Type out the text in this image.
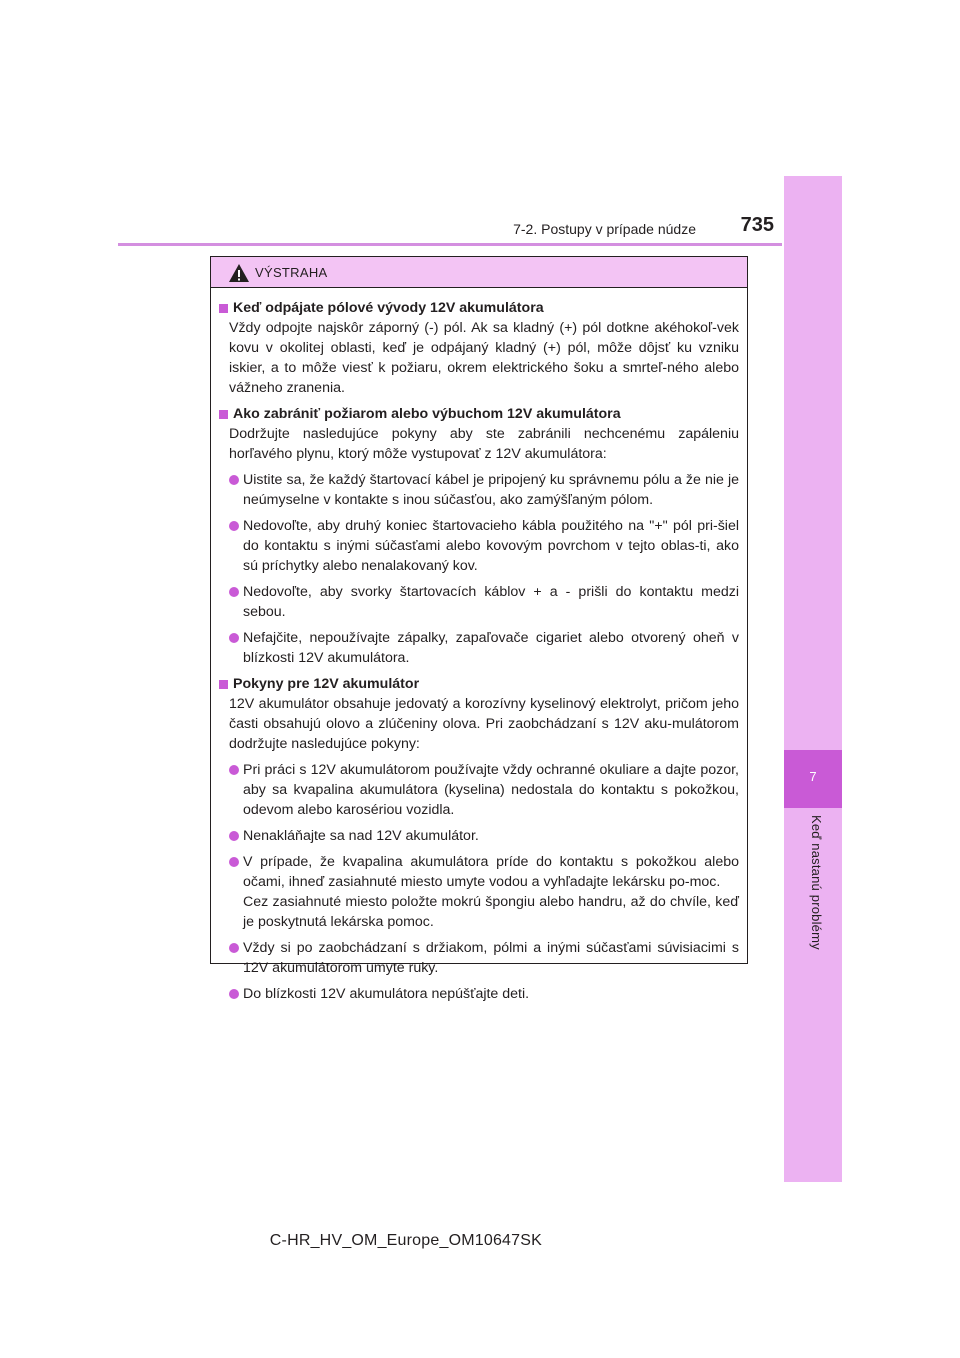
7
Keď nastanú problémy
7-2. Postupy v prípade núdze	735
VÝSTRAHA
Keď odpájate pólové vývody 12V akumulátora
Vždy odpojte najskôr záporný (-) pól. Ak sa kladný (+) pól dotkne akéhokoľ-vek kovu v okolitej oblasti, keď je odpájaný kladný (+) pól, môže dôjsť ku vzniku iskier, a to môže viesť k požiaru, okrem elektrického šoku a smrteľ-ného alebo vážneho zranenia.
Ako zabrániť požiarom alebo výbuchom 12V akumulátora
Dodržujte nasledujúce pokyny aby ste zabránili nechcenému zapáleniu horľavého plynu, ktorý môže vystupovať z 12V akumulátora:
Uistite sa, že každý štartovací kábel je pripojený ku správnemu pólu a že nie je neúmyselne v kontakte s inou súčasťou, ako zamýšľaným pólom.
Nedovoľte, aby druhý koniec štartovacieho kábla použitého na "+" pól pri-šiel do kontaktu s inými súčasťami alebo kovovým povrchom v tejto oblas-ti, ako sú príchytky alebo nenalakovaný kov.
Nedovoľte, aby svorky štartovacích káblov + a - prišli do kontaktu medzi sebou.
Nefajčite, nepoužívajte zápalky, zapaľovače cigariet alebo otvorený oheň v blízkosti 12V akumulátora.
Pokyny pre 12V akumulátor
12V akumulátor obsahuje jedovatý a korozívny kyselinový elektrolyt, pričom jeho časti obsahujú olovo a zlúčeniny olova. Pri zaobchádzaní s 12V aku-mulátorom dodržujte nasledujúce pokyny:
Pri práci s 12V akumulátorom používajte vždy ochranné okuliare a dajte pozor, aby sa kvapalina akumulátora (kyselina) nedostala do kontaktu s pokožkou, odevom alebo karosériou vozidla.
Nenakláňajte sa nad 12V akumulátor.
V prípade, že kvapalina akumulátora príde do kontaktu s pokožkou alebo očami, ihneď zasiahnuté miesto umyte vodou a vyhľadajte lekársku po-moc.
Cez zasiahnuté miesto položte mokrú špongiu alebo handru, až do chvíle, keď je poskytnutá lekárska pomoc.
Vždy si po zaobchádzaní s držiakom, pólmi a inými súčasťami súvisiacimi s 12V akumulátorom umyte ruky.
Do blízkosti 12V akumulátora nepúšťajte deti.
C-HR_HV_OM_Europe_OM10647SK
